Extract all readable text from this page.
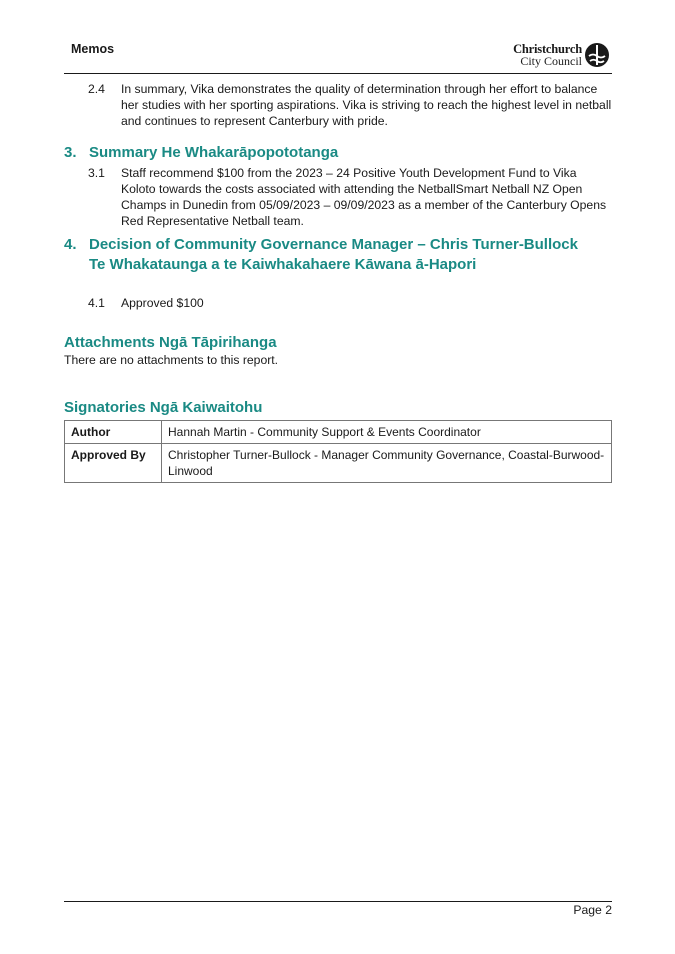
Memos	Christchurch
City Council
2.4 In summary, Vika demonstrates the quality of determination through her effort to balance her studies with her sporting aspirations. Vika is striving to reach the highest level in netball and continues to represent Canterbury with pride.
3. Summary He Whakarāpopototanga
3.1 Staff recommend $100 from the 2023 – 24 Positive Youth Development Fund to Vika Koloto towards the costs associated with attending the NetballSmart Netball NZ Open Champs in Dunedin from 05/09/2023 – 09/09/2023 as a member of the Canterbury Opens Red Representative Netball team.
4. Decision of Community Governance Manager – Chris Turner-Bullock
Te Whakataunga a te Kaiwhakahaere Kāwana ā-Hapori
4.1 Approved $100
Attachments Ngā Tāpirihanga
There are no attachments to this report.
Signatories Ngā Kaiwaitohu
Author	Hannah Martin - Community Support & Events Coordinator
Approved By	Christopher Turner-Bullock - Manager Community Governance, Coastal-Burwood-Linwood
Page 2
